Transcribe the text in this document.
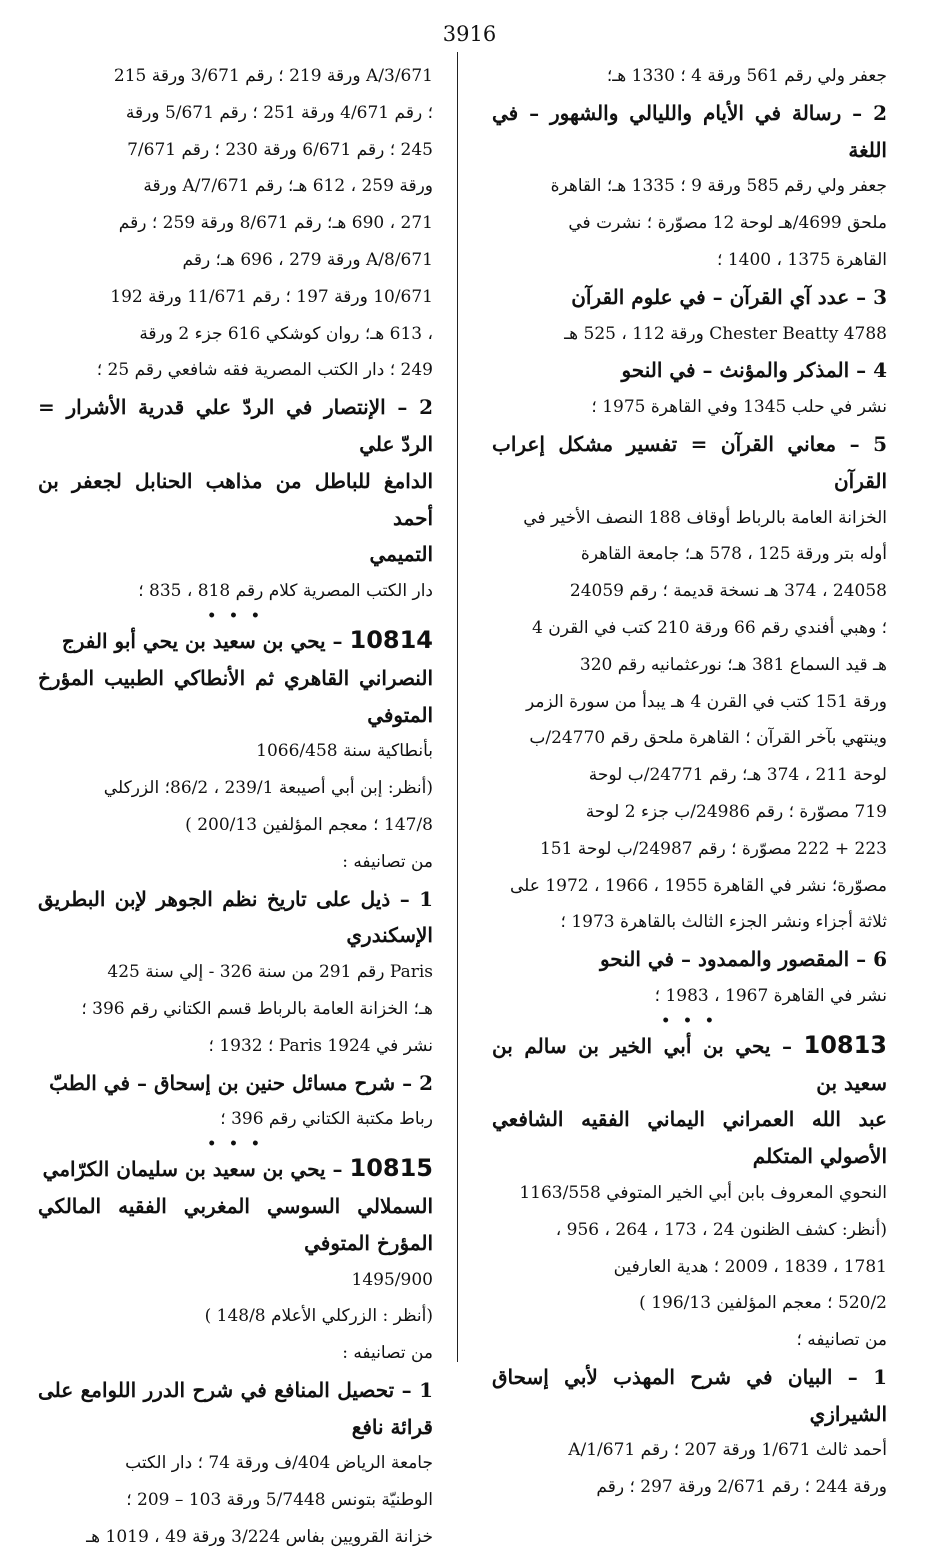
3916

جعفر ولي رقم 561 ورقة 4 ؛ 1330 هـ؛

2 – رسالة في الأيام والليالي والشهور – في اللغة

جعفر ولي رقم 585 ورقة 9 ؛ 1335 هـ؛ القاهرة

ملحق 4699/هـ لوحة 12 مصوّرة ؛ نشرت في

القاهرة 1375 ، 1400 ؛

3 – عدد آي القرآن – في علوم القرآن

4788 Chester Beatty ورقة 112 ، 525 هـ

4 – المذكر والمؤنث – في النحو

نشر في حلب 1345 وفي القاهرة 1975 ؛

5 – معاني القرآن = تفسير مشكل إعراب القرآن

الخزانة العامة بالرباط أوقاف 188 النصف الأخير في

أوله بتر ورقة 125 ، 578 هـ؛ جامعة القاهرة

24058 ، 374 هـ نسخة قديمة ؛ رقم 24059

؛ وهبي أفندي رقم 66 ورقة 210 كتب في القرن 4

هـ قيد السماع 381 هـ؛ نورعثمانيه رقم 320

ورقة 151 كتب في القرن 4 هـ يبدأ من سورة الزمر

وينتهي بآخر القرآن ؛ القاهرة ملحق رقم 24770/ب

لوحة 211 ، 374 هـ؛ رقم 24771/ب لوحة

719 مصوّرة ؛ رقم 24986/ب جزء 2 لوحة

223 + 222 مصوّرة ؛ رقم 24987/ب لوحة 151

مصوّرة؛ نشر في القاهرة 1955 ، 1966 ، 1972 على

ثلاثة أجزاء ونشر الجزء الثالث بالقاهرة 1973 ؛

6 – المقصور والممدود – في النحو

نشر في القاهرة 1967 ، 1983 ؛

• • •

10813 – يحي بن أبي الخير بن سالم بن سعيد بن

عبد الله العمراني اليماني الفقيه الشافعي الأصولي المتكلم

النحوي المعروف بابن أبي الخير المتوفي 1163/558

(أنظر: كشف الظنون 24 ، 173 ، 264 ، 956 ،

1781 ، 1839 ، 2009 ؛ هدية العارفين

520/2 ؛ معجم المؤلفين 196/13 )

من تصانيفه ؛

1 – البيان في شرح المهذب لأبي إسحاق الشيرازي

أحمد ثالث 1/671 ورقة 207 ؛ رقم 1/671/A

ورقة 244 ؛ رقم 2/671 ورقة 297 ؛ رقم

3/671/A ورقة 219 ؛ رقم 3/671 ورقة 215

؛ رقم 4/671 ورقة 251 ؛ رقم 5/671 ورقة

245 ؛ رقم 6/671 ورقة 230 ؛ رقم 7/671

ورقة 259 ، 612 هـ؛ رقم 7/671/A ورقة

271 ، 690 هـ؛ رقم 8/671 ورقة 259 ؛ رقم

8/671/A ورقة 279 ، 696 هـ؛ رقم

10/671 ورقة 197 ؛ رقم 11/671 ورقة 192

، 613 هـ؛ روان كوشكي 616 جزء 2 ورقة

249 ؛ دار الكتب المصرية فقه شافعي رقم 25 ؛

2 – الإنتصار في الردّ علي قدرية الأشرار = الردّ علي

الدامغ للباطل من مذاهب الحنابل لجعفر بن أحمد

التميمي

دار الكتب المصرية كلام رقم 818 ، 835 ؛

• • •

10814 – يحي بن سعيد بن يحي أبو الفرج

النصراني القاهري ثم الأنطاكي الطبيب المؤرخ المتوفي

بأنطاكية سنة 1066/458

(أنظر: إبن أبي أصيبعة 239/1 ، 86/2؛ الزركلي

147/8 ؛ معجم المؤلفين 200/13 )

من تصانيفه :

1 – ذيل على تاريخ نظم الجوهر لإبن البطريق الإسكندري

Paris رقم 291 من سنة 326 - إلي سنة 425

هـ؛ الخزانة العامة بالرباط قسم الكتاني رقم 396 ؛

نشر في Paris 1924 ؛ 1932 ؛

2 – شرح مسائل حنين بن إسحاق – في الطبّ

رباط مكتبة الكتاني رقم 396 ؛

• • •

10815 – يحي بن سعيد بن سليمان الكرّامي

السملالي السوسي المغربي الفقيه المالكي المؤرخ المتوفي

1495/900

(أنظر : الزركلي الأعلام 148/8 )

من تصانيفه :

1 – تحصيل المنافع في شرح الدرر اللوامع على قرائة نافع

جامعة الرياض 404/ف ورقة 74 ؛ دار الكتب

الوطنيّة بتونس 5/7448 ورقة 103 – 209 ؛

خزانة القرويين بفاس 3/224 ورقة 49 ، 1019 هـ
